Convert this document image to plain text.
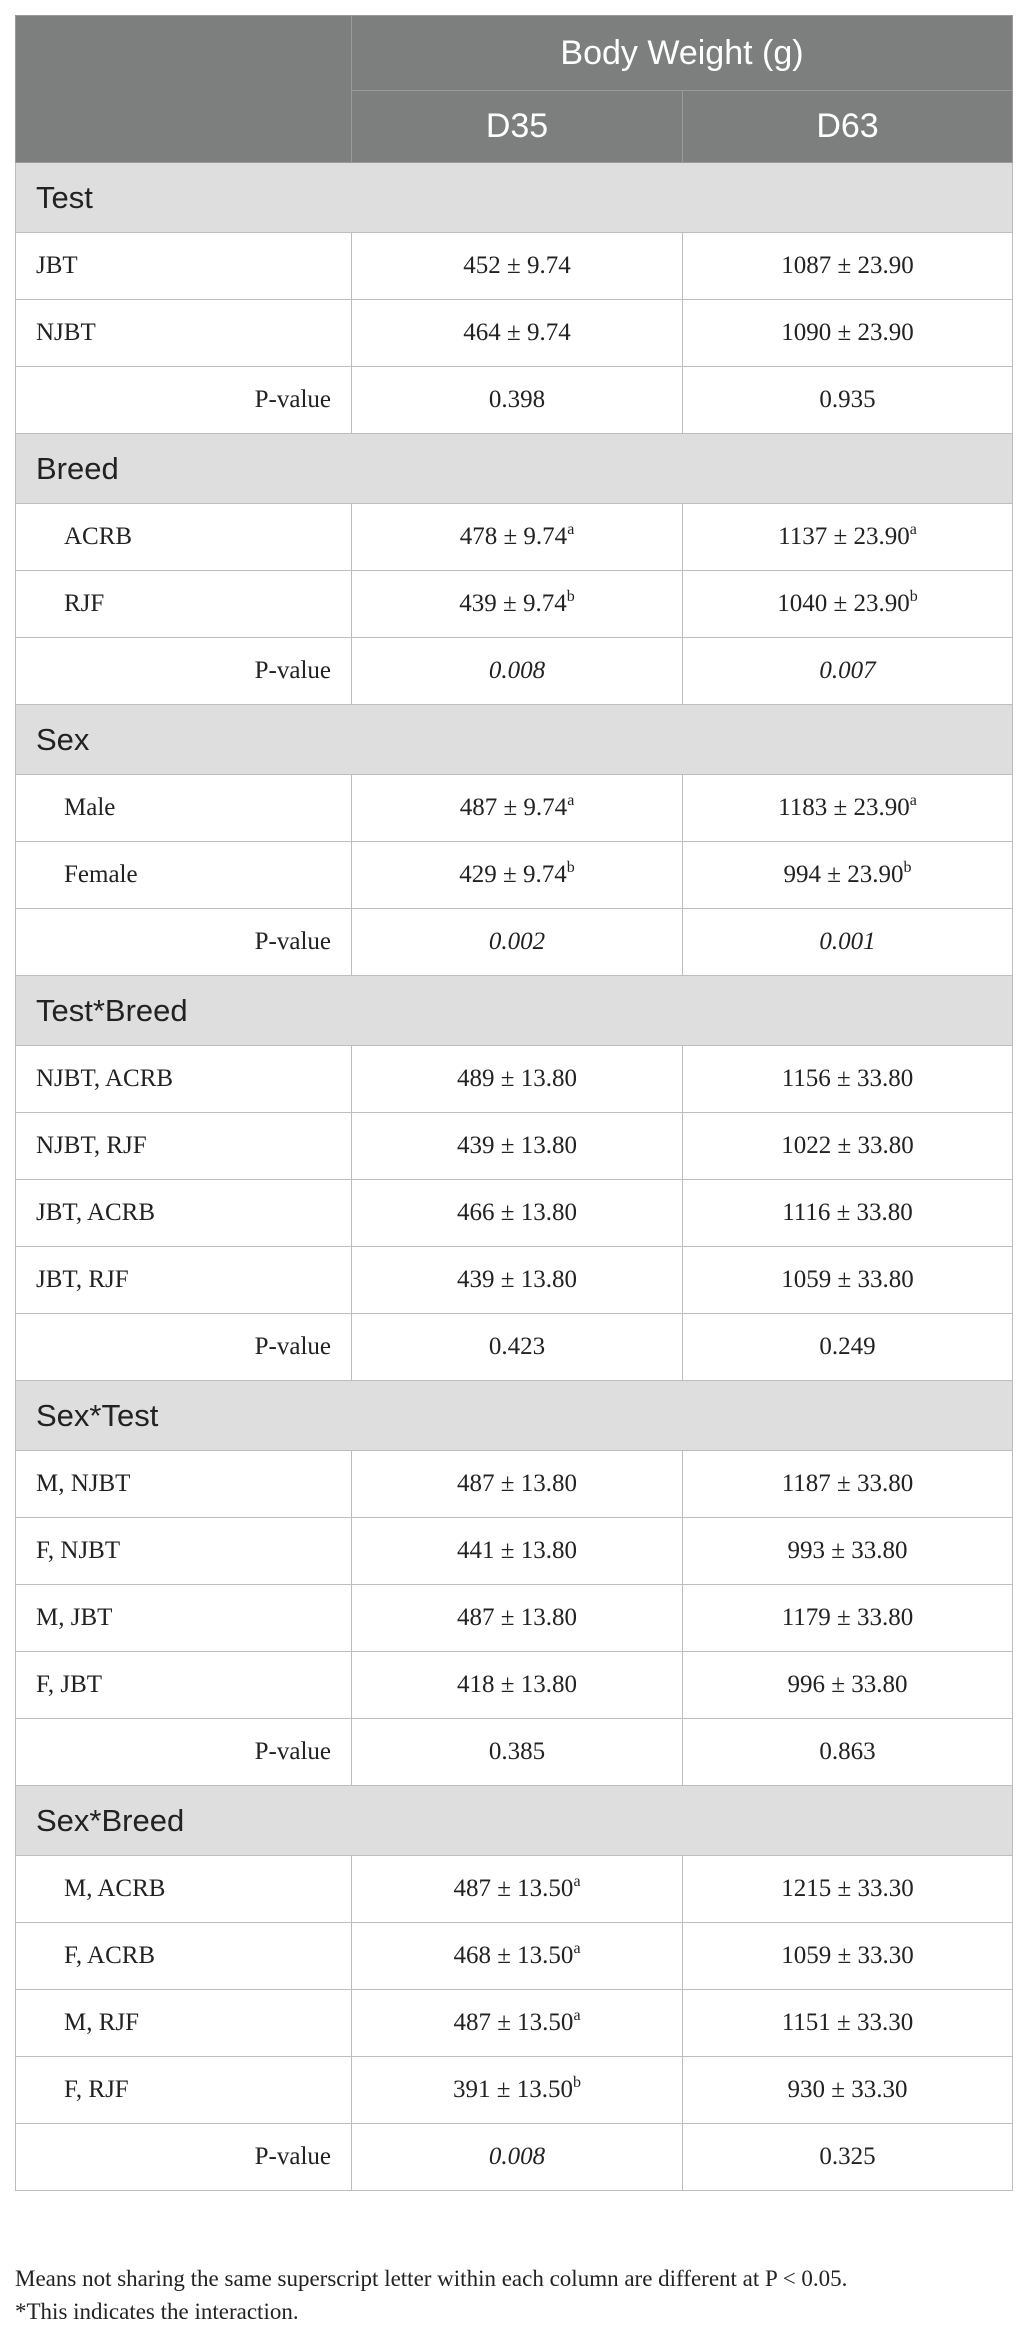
	Body Weight (g)	
	D35	D63
Test		
JBT	452 ± 9.74	1087 ± 23.90
NJBT	464 ± 9.74	1090 ± 23.90
P-value	0.398	0.935
Breed		
ACRB	478 ± 9.74$^a$	1137 ± 23.90$^a$
RJF	439 ± 9.74$^b$	1040 ± 23.90$^b$
P-value	0.008	0.007
Sex		
Male	487 ± 9.74$^a$	1183 ± 23.90$^a$
Female	429 ± 9.74$^b$	994 ± 23.90$^b$
P-value	0.002	0.001
Test*Breed		
NJBT, ACRB	489 ± 13.80	1156 ± 33.80
NJBT, RJF	439 ± 13.80	1022 ± 33.80
JBT, ACRB	466 ± 13.80	1116 ± 33.80
JBT, RJF	439 ± 13.80	1059 ± 33.80
P-value	0.423	0.249
Sex*Test		
M, NJBT	487 ± 13.80	1187 ± 33.80
F, NJBT	441 ± 13.80	993 ± 33.80
M, JBT	487 ± 13.80	1179 ± 33.80
F, JBT	418 ± 13.80	996 ± 33.80
P-value	0.385	0.863
Sex*Breed		
M, ACRB	487 ± 13.50$^a$	1215 ± 33.30
F, ACRB	468 ± 13.50$^a$	1059 ± 33.30
M, RJF	487 ± 13.50$^a$	1151 ± 33.30
F, RJF	391 ± 13.50$^b$	930 ± 33.30
P-value	0.008	0.325
Means not sharing the same superscript letter within each column are different at P < 0.05.
*This indicates the interaction.
